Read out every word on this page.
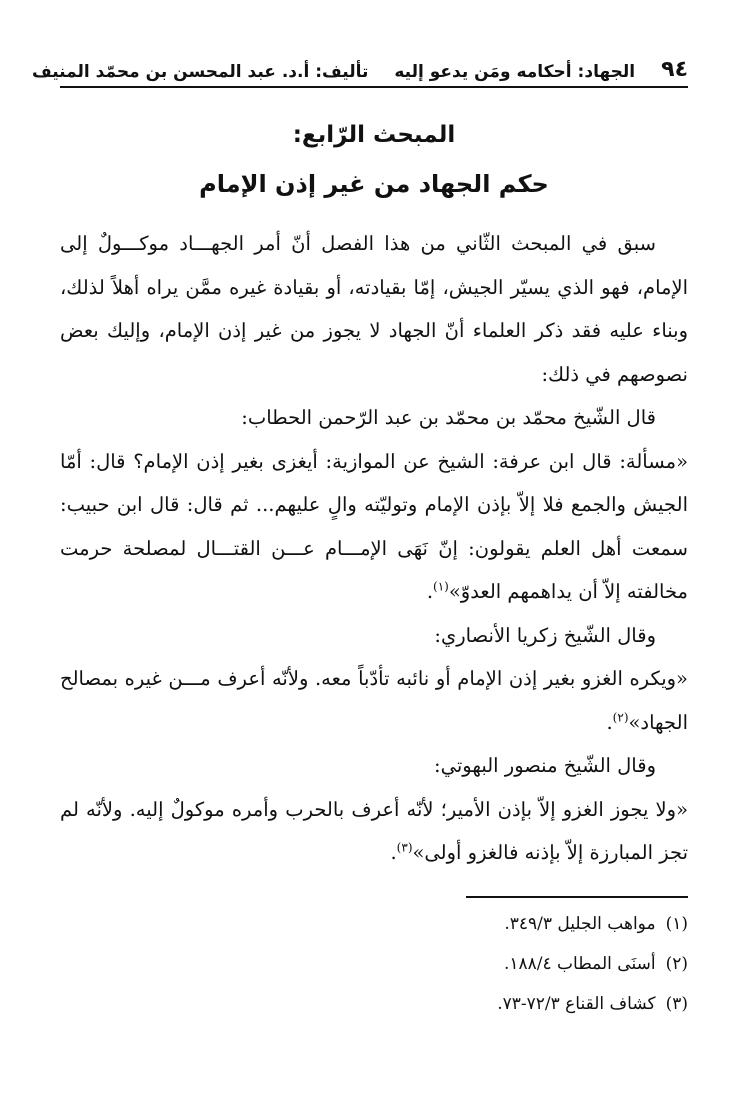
٩٤
الجهاد: أحكامه ومَن يدعو إليه
تأليف: أ.د. عبد المحسن بن محمّد المنيف
المبحث الرّابع:
حكم الجهاد من غير إذن الإمام

سبق في المبحث الثّاني من هذا الفصل أنّ أمر الجهـــاد موكـــولٌ إلى الإمام، فهو الذي يسيّر الجيش، إمّا بقيادته، أو بقيادة غيره ممَّن يراه أهلاً لذلك، وبناء عليه فقد ذكر العلماء أنّ الجهاد لا يجوز من غير إذن الإمام، وإليك بعض نصوصهم في ذلك:

قال الشّيخ محمّد بن محمّد بن عبد الرّحمن الحطاب:

«مسألة: قال ابن عرفة: الشيخ عن الموازية: أيغزى بغير إذن الإمام؟ قال: أمّا الجيش والجمع فلا إلاّ بإذن الإمام وتوليّته والٍ عليهم... ثم قال: قال ابن حبيب: سمعت أهل العلم يقولون: إنّ نَهَى الإمـــام عـــن القتـــال لمصلحة حرمت مخالفته إلاّ أن يداهمهم العدوّ»$^{(١)}$.

وقال الشّيخ زكريا الأنصاري:

«ويكره الغزو بغير إذن الإمام أو نائبه تأدّباً معه. ولأنّه أعرف مـــن غيره بمصالح الجهاد»$^{(٢)}$.

وقال الشّيخ منصور البهوتي:

«ولا يجوز الغزو إلاّ بإذن الأمير؛ لأنّه أعرف بالحرب وأمره موكولٌ إليه. ولأنّه لم تجز المبارزة إلاّ بإذنه فالغزو أولى»$^{(٣)}$.

(١)
مواهب الجليل ٣٤٩/٣.
(٢)
أسنَى المطاب ١٨٨/٤.
(٣)
كشاف القناع ٧٢/٣-٧٣.
